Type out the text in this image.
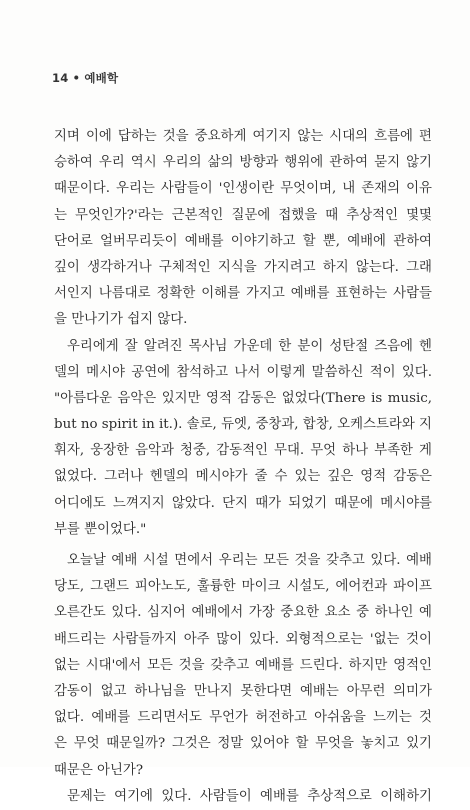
14 • 예배학
지며 이에 답하는 것을 중요하게 여기지 않는 시대의 흐름에 편
승하여 우리 역시 우리의 삶의 방향과 행위에 관하여 묻지 않기
때문이다. 우리는 사람들이 '인생이란 무엇이며, 내 존재의 이유
는 무엇인가?'라는 근본적인 질문에 접했을 때 추상적인 몇몇
단어로 얼버무리듯이 예배를 이야기하고 할 뿐, 예배에 관하여
깊이 생각하거나 구체적인 지식을 가지려고 하지 않는다. 그래
서인지 나름대로 정확한 이해를 가지고 예배를 표현하는 사람들
을 만나기가 쉽지 않다.
우리에게 잘 알려진 목사님 가운데 한 분이 성탄절 즈음에 헨
델의 메시야 공연에 참석하고 나서 이렇게 말씀하신 적이 있다.
"아름다운 음악은 있지만 영적 감동은 없었다(There is music,
but no spirit in it.). 솔로, 듀엣, 중창과, 합창, 오케스트라와 지
휘자, 웅장한 음악과 청중, 감동적인 무대. 무엇 하나 부족한 게
없었다. 그러나 헨델의 메시야가 줄 수 있는 깊은 영적 감동은
어디에도 느껴지지 않았다. 단지 때가 되었기 때문에 메시야를
부를 뿐이었다."
오늘날 예배 시설 면에서 우리는 모든 것을 갖추고 있다. 예배
당도, 그랜드 피아노도, 훌륭한 마이크 시설도, 에어컨과 파이프
오른간도 있다. 심지어 예배에서 가장 중요한 요소 중 하나인 예
배드리는 사람들까지 아주 많이 있다. 외형적으로는 '없는 것이
없는 시대'에서 모든 것을 갖추고 예배를 드린다. 하지만 영적인
감동이 없고 하나님을 만나지 못한다면 예배는 아무런 의미가
없다. 예배를 드리면서도 무언가 허전하고 아쉬움을 느끼는 것
은 무엇 때문일까? 그것은 정말 있어야 할 무엇을 놓치고 있기
때문은 아닌가?
문제는 여기에 있다. 사람들이 예배를 추상적으로 이해하기
